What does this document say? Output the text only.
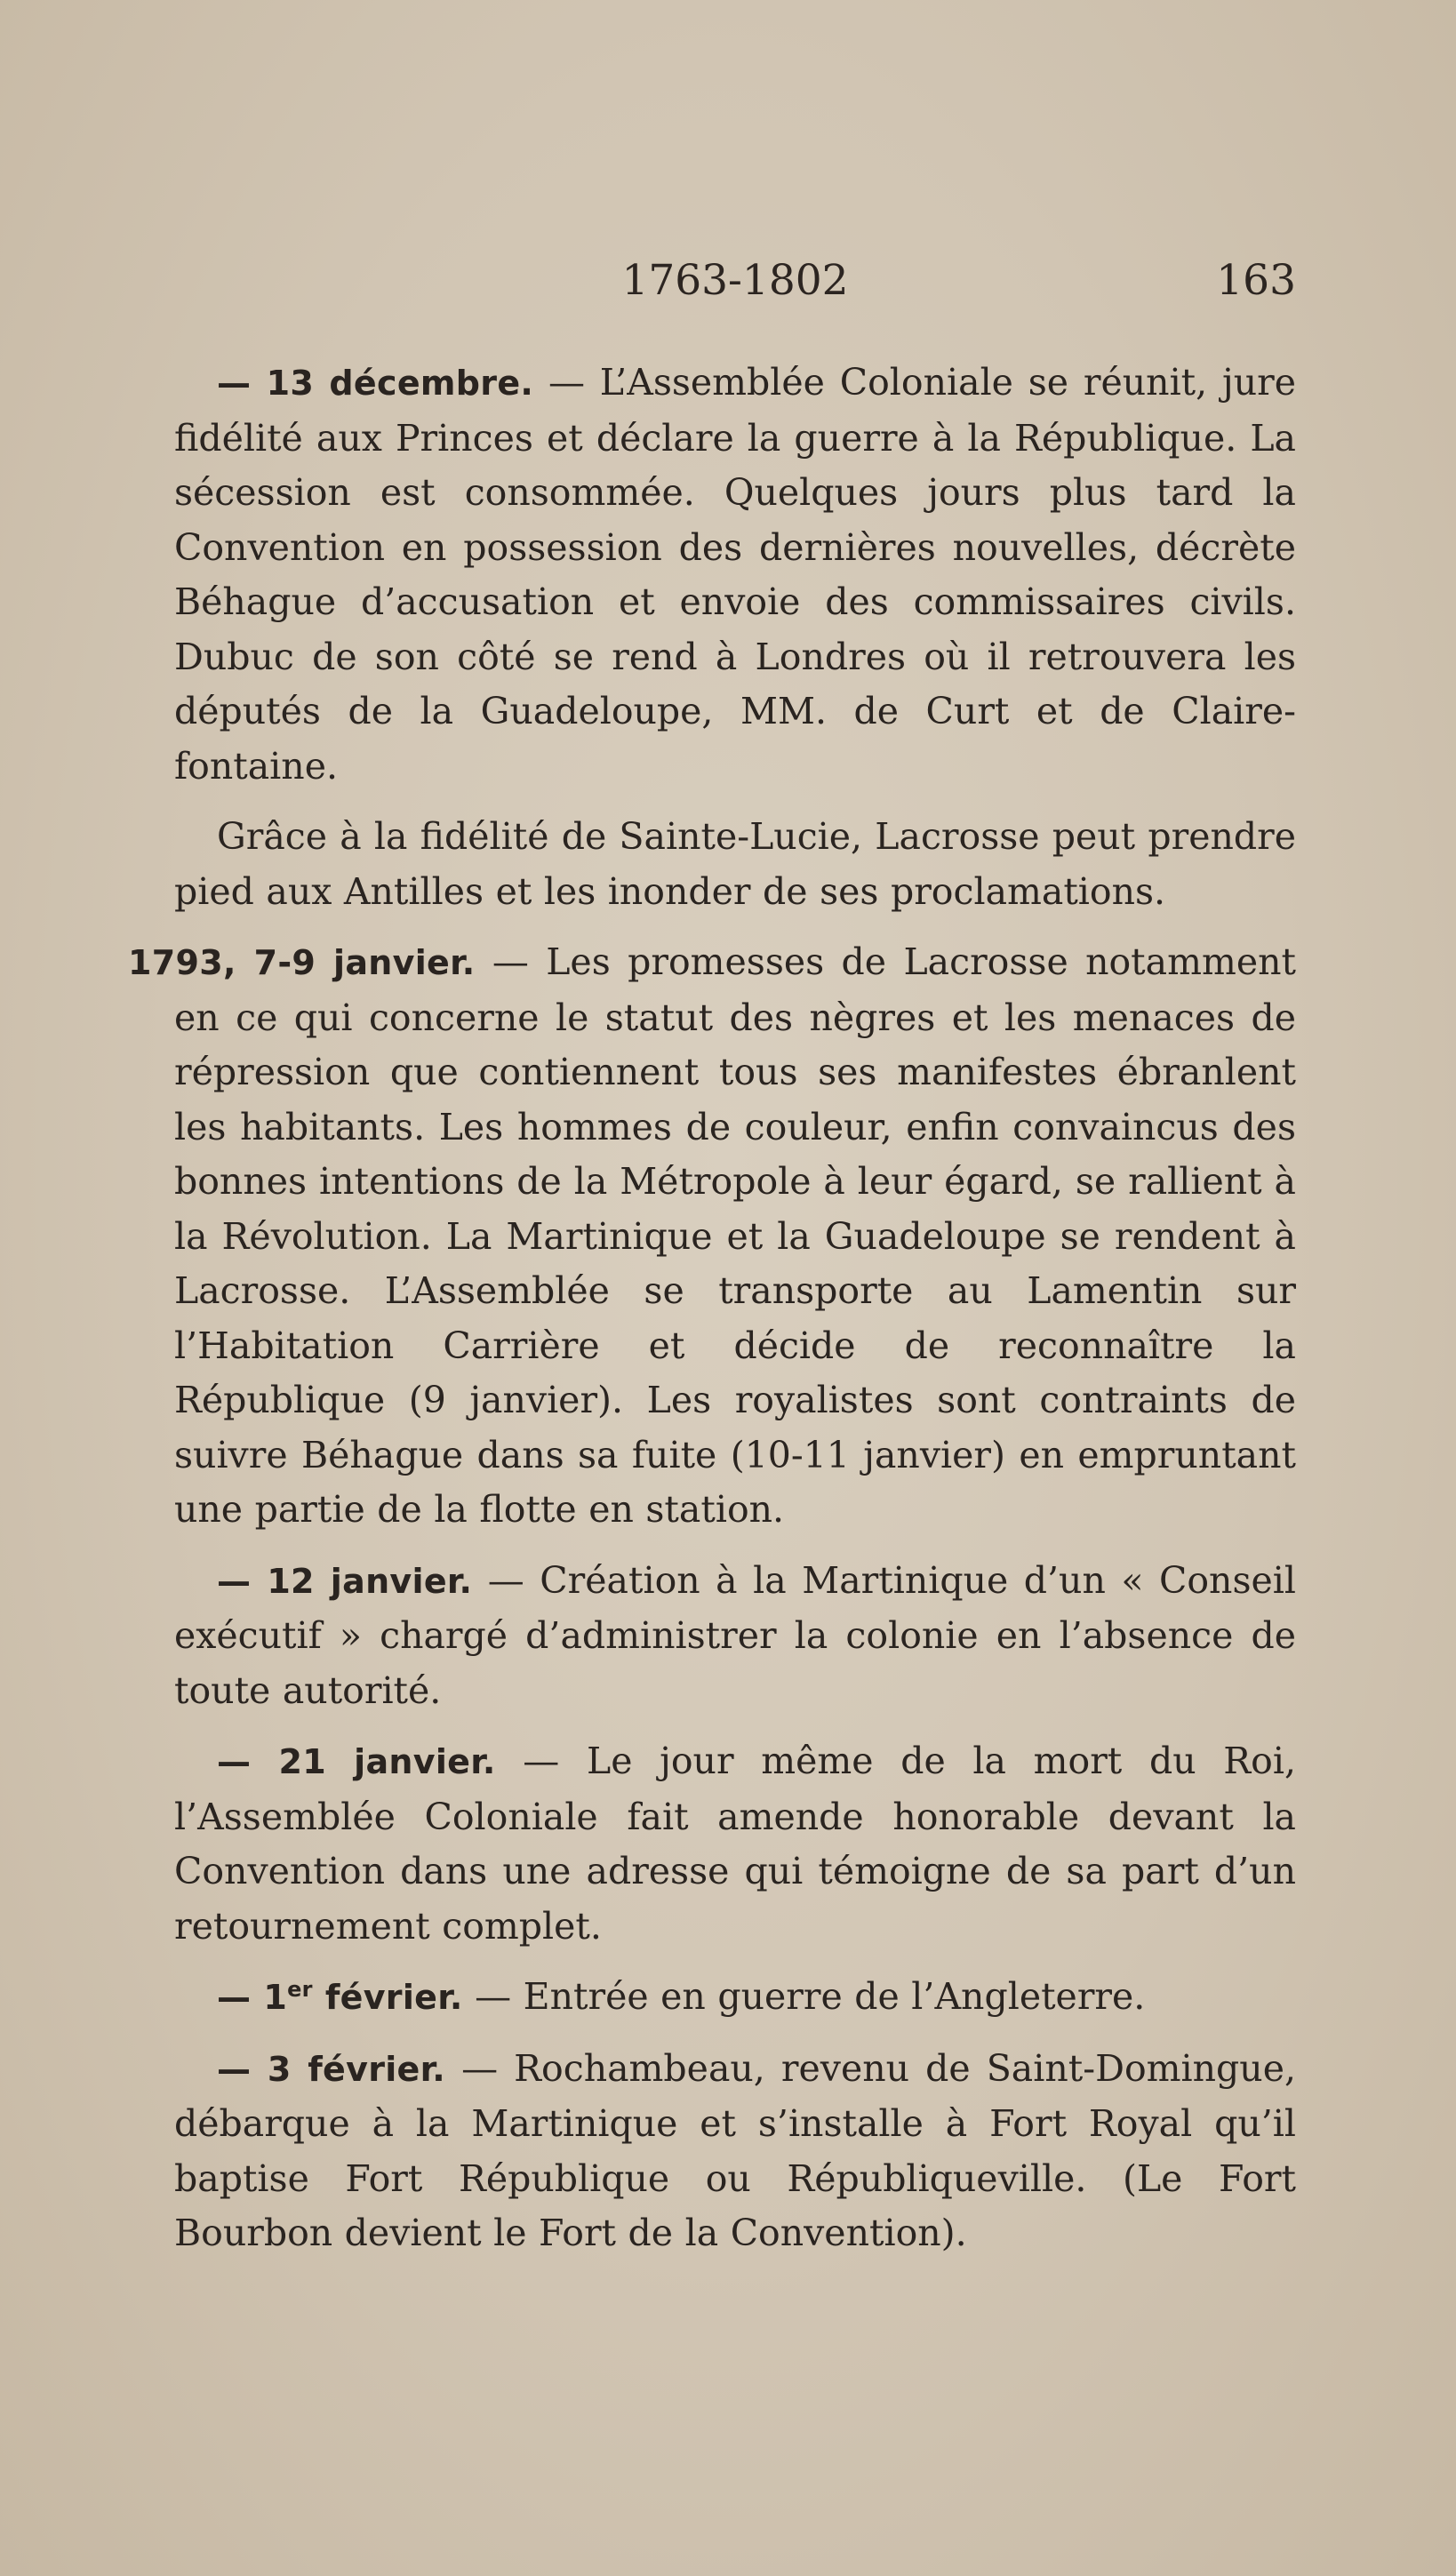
1763-1802	163

— 13 décembre. — L’Assemblée Coloniale se réunit, jure fidélité aux Princes et déclare la guerre à la République. La sécession est consommée. Quelques jours plus tard la Convention en possession des dernières nouvelles, décrète Béhague d’accusation et envoie des commissaires civils. Dubuc de son côté se rend à Londres où il retrouvera les députés de la Guadeloupe, MM. de Curt et de Clairefontaine.

Grâce à la fidélité de Sainte-Lucie, Lacrosse peut prendre pied aux Antilles et les inonder de ses proclamations.

1793, 7-9 janvier. — Les promesses de Lacrosse notamment en ce qui concerne le statut des nègres et les menaces de répression que contiennent tous ses manifestes ébranlent les habitants. Les hommes de couleur, enfin convaincus des bonnes intentions de la Métropole à leur égard, se rallient à la Révolution. La Martinique et la Guadeloupe se rendent à Lacrosse. L’Assemblée se transporte au Lamentin sur l’Habitation Carrière et décide de reconnaître la République (9 janvier). Les royalistes sont contraints de suivre Béhague dans sa fuite (10-11 janvier) en empruntant une partie de la flotte en station.

— 12 janvier. — Création à la Martinique d’un « Conseil exécutif » chargé d’administrer la colonie en l’absence de toute autorité.

— 21 janvier. — Le jour même de la mort du Roi, l’Assemblée Coloniale fait amende honorable devant la Convention dans une adresse qui témoigne de sa part d’un retournement complet.

— 1er février. — Entrée en guerre de l’Angleterre.

— 3 février. — Rochambeau, revenu de Saint-Domingue, débarque à la Martinique et s’installe à Fort Royal qu’il baptise Fort République ou Républiqueville. (Le Fort Bourbon devient le Fort de la Convention).
